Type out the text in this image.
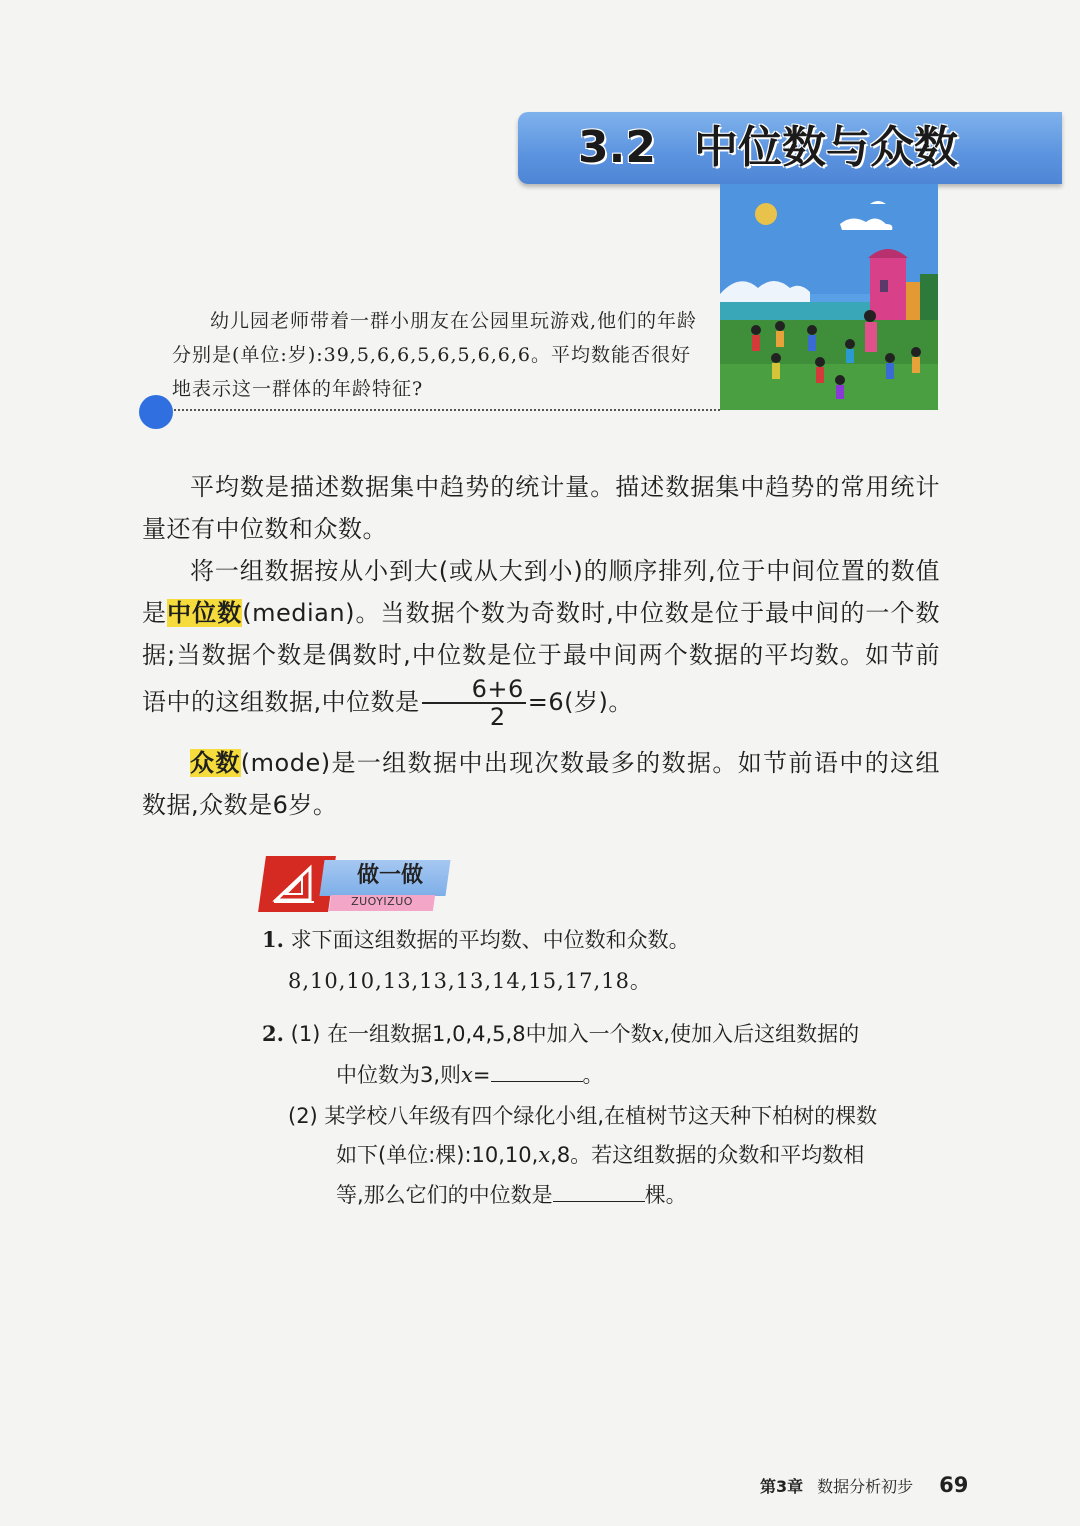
3.2 中位数与众数
幼儿园老师带着一群小朋友在公园里玩游戏,他们的年龄分别是(单位:岁):39,5,6,6,5,6,5,6,6,6。平均数能否很好地表示这一群体的年龄特征?

平均数是描述数据集中趋势的统计量。描述数据集中趋势的常用统计量还有中位数和众数。

将一组数据按从小到大(或从大到小)的顺序排列,位于中间位置的数值是中位数(median)。当数据个数为奇数时,中位数是位于最中间的一个数据;当数据个数是偶数时,中位数是位于最中间两个数据的平均数。如节前语中的这组数据,中位数是 $\frac{6+6}{2} =6$(岁)。

众数(mode)是一组数据中出现次数最多的数据。如节前语中的这组数据,众数是6岁。

做一做
ZUOYIZUO
1. 求下面这组数据的平均数、中位数和众数。
8,10,10,13,13,13,14,15,17,18。
2. (1) 在一组数据1,0,4,5,8中加入一个数x,使加入后这组数据的
中位数为3,则x=	。
(2) 某学校八年级有四个绿化小组,在植树节这天种下柏树的棵数
如下(单位:棵):10,10,x,8。若这组数据的众数和平均数相
等,那么它们的中位数是	棵。
第3章 数据分析初步 69
